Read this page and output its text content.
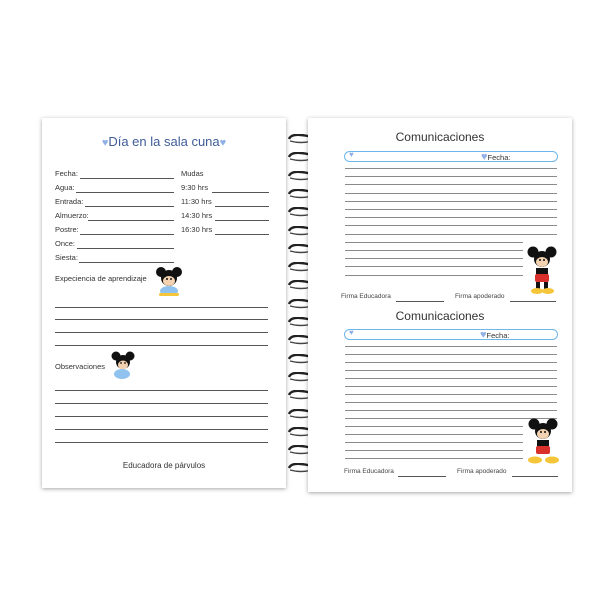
♥Día en la sala cuna♥
Fecha:
Agua:
Entrada:
Almuerzo:
Postre:
Once:
Siesta:
Mudas
9:30 hrs
11:30 hrs
14:30 hrs
16:30 hrs
Expeciencia de aprendizaje
Observaciones
Educadora de párvulos
Comunicaciones
♥	♥Fecha:
Firma Educadora	Firma apoderado
Comunicaciones
♥	♥Fecha:
Firma Educadora	Firma apoderado
